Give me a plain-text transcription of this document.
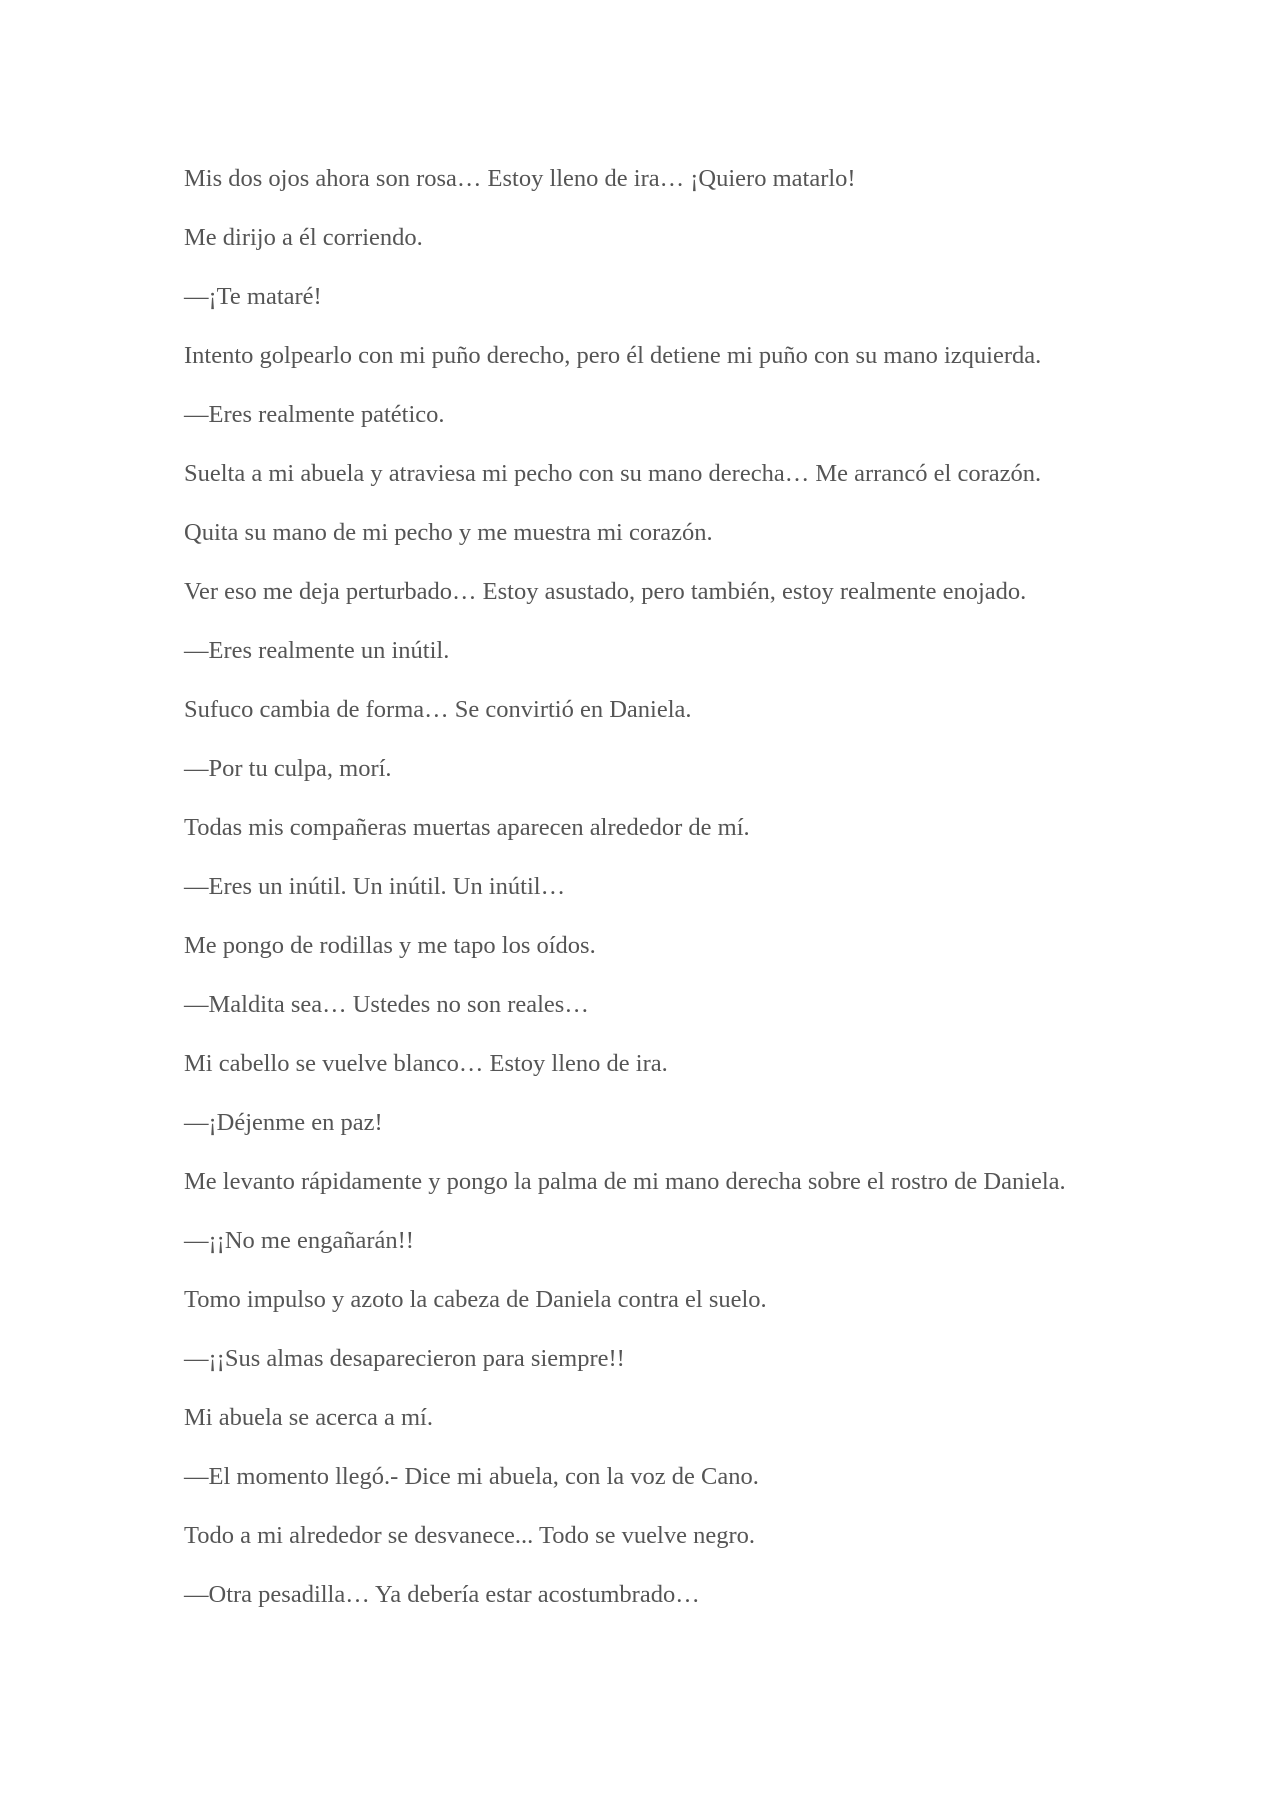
Mis dos ojos ahora son rosa… Estoy lleno de ira… ¡Quiero matarlo!

Me dirijo a él corriendo.

—¡Te mataré!

Intento golpearlo con mi puño derecho, pero él detiene mi puño con su mano izquierda.

—Eres realmente patético.

Suelta a mi abuela y atraviesa mi pecho con su mano derecha… Me arrancó el corazón.

Quita su mano de mi pecho y me muestra mi corazón.

Ver eso me deja perturbado… Estoy asustado, pero también, estoy realmente enojado.

—Eres realmente un inútil.

Sufuco cambia de forma… Se convirtió en Daniela.

—Por tu culpa, morí.

Todas mis compañeras muertas aparecen alrededor de mí.

—Eres un inútil. Un inútil. Un inútil…

Me pongo de rodillas y me tapo los oídos.

—Maldita sea… Ustedes no son reales…

Mi cabello se vuelve blanco… Estoy lleno de ira.

—¡Déjenme en paz!

Me levanto rápidamente y pongo la palma de mi mano derecha sobre el rostro de Daniela.

—¡¡No me engañarán!!

Tomo impulso y azoto la cabeza de Daniela contra el suelo.

—¡¡Sus almas desaparecieron para siempre!!

Mi abuela se acerca a mí.

—El momento llegó.- Dice mi abuela, con la voz de Cano.

Todo a mi alrededor se desvanece... Todo se vuelve negro.

—Otra pesadilla… Ya debería estar acostumbrado…
